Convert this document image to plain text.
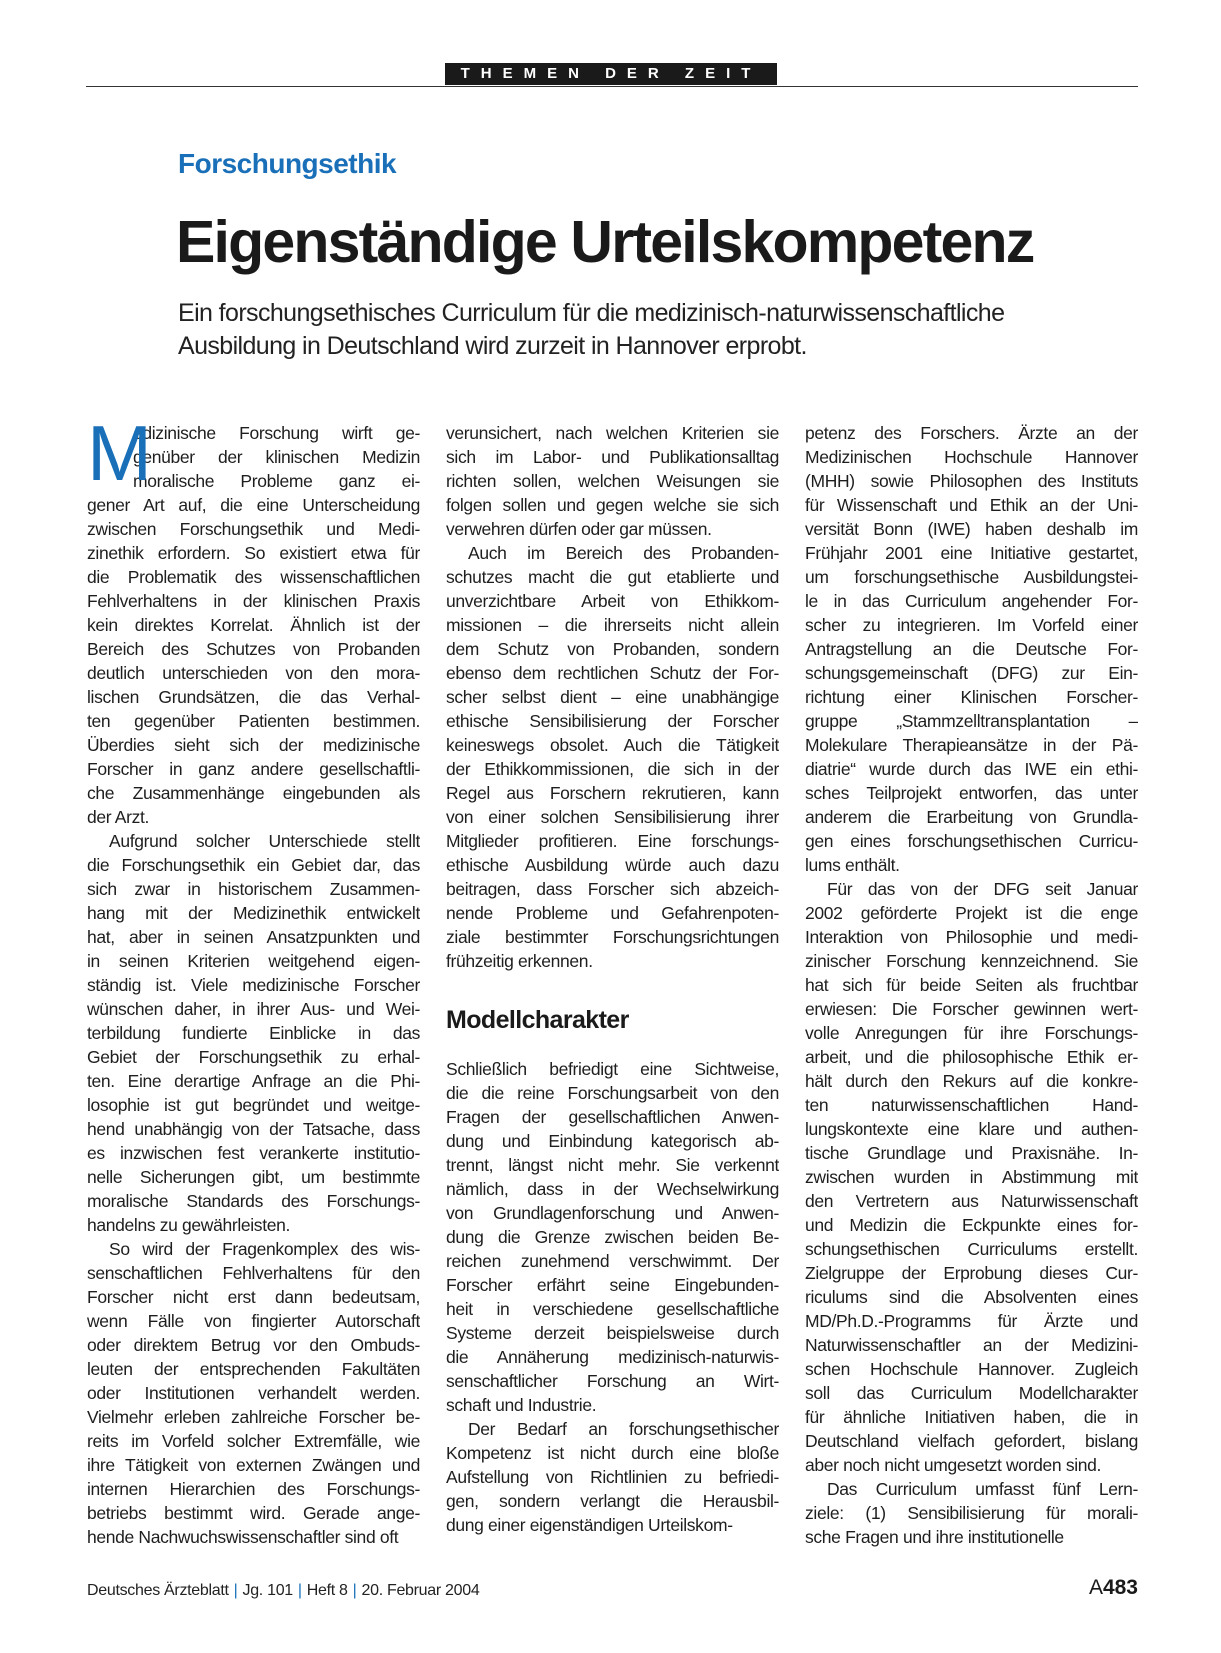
THEMEN DER ZEIT
Forschungsethik
Eigenständige Urteilskompetenz
Ein forschungsethisches Curriculum für die medizinisch-naturwissenschaftliche
Ausbildung in Deutschland wird zurzeit in Hannover erprobt.
M
edizinische Forschung wirft ge-
genüber der klinischen Medizin
moralische Probleme ganz ei-
gener Art auf, die eine Unterscheidung
zwischen Forschungsethik und Medi-
zinethik erfordern. So existiert etwa für
die Problematik des wissenschaftlichen
Fehlverhaltens in der klinischen Praxis
kein direktes Korrelat. Ähnlich ist der
Bereich des Schutzes von Probanden
deutlich unterschieden von den mora-
lischen Grundsätzen, die das Verhal-
ten gegenüber Patienten bestimmen.
Überdies sieht sich der medizinische
Forscher in ganz andere gesellschaftli-
che Zusammenhänge eingebunden als
der Arzt.
Aufgrund solcher Unterschiede stellt
die Forschungsethik ein Gebiet dar, das
sich zwar in historischem Zusammen-
hang mit der Medizinethik entwickelt
hat, aber in seinen Ansatzpunkten und
in seinen Kriterien weitgehend eigen-
ständig ist. Viele medizinische Forscher
wünschen daher, in ihrer Aus- und Wei-
terbildung fundierte Einblicke in das
Gebiet der Forschungsethik zu erhal-
ten. Eine derartige Anfrage an die Phi-
losophie ist gut begründet und weitge-
hend unabhängig von der Tatsache, dass
es inzwischen fest verankerte institutio-
nelle Sicherungen gibt, um bestimmte
moralische Standards des Forschungs-
handelns zu gewährleisten.
So wird der Fragenkomplex des wis-
senschaftlichen Fehlverhaltens für den
Forscher nicht erst dann bedeutsam,
wenn Fälle von fingierter Autorschaft
oder direktem Betrug vor den Ombuds-
leuten der entsprechenden Fakultäten
oder Institutionen verhandelt werden.
Vielmehr erleben zahlreiche Forscher be-
reits im Vorfeld solcher Extremfälle, wie
ihre Tätigkeit von externen Zwängen und
internen Hierarchien des Forschungs-
betriebs bestimmt wird. Gerade ange-
hende Nachwuchswissenschaftler sind oft
verunsichert, nach welchen Kriterien sie
sich im Labor- und Publikationsalltag
richten sollen, welchen Weisungen sie
folgen sollen und gegen welche sie sich
verwehren dürfen oder gar müssen.
Auch im Bereich des Probanden-
schutzes macht die gut etablierte und
unverzichtbare Arbeit von Ethikkom-
missionen – die ihrerseits nicht allein
dem Schutz von Probanden, sondern
ebenso dem rechtlichen Schutz der For-
scher selbst dient – eine unabhängige
ethische Sensibilisierung der Forscher
keineswegs obsolet. Auch die Tätigkeit
der Ethikkommissionen, die sich in der
Regel aus Forschern rekrutieren, kann
von einer solchen Sensibilisierung ihrer
Mitglieder profitieren. Eine forschungs-
ethische Ausbildung würde auch dazu
beitragen, dass Forscher sich abzeich-
nende Probleme und Gefahrenpoten-
ziale bestimmter Forschungsrichtungen
frühzeitig erkennen.
Modellcharakter
Schließlich befriedigt eine Sichtweise,
die die reine Forschungsarbeit von den
Fragen der gesellschaftlichen Anwen-
dung und Einbindung kategorisch ab-
trennt, längst nicht mehr. Sie verkennt
nämlich, dass in der Wechselwirkung
von Grundlagenforschung und Anwen-
dung die Grenze zwischen beiden Be-
reichen zunehmend verschwimmt. Der
Forscher erfährt seine Eingebunden-
heit in verschiedene gesellschaftliche
Systeme derzeit beispielsweise durch
die Annäherung medizinisch-naturwis-
senschaftlicher Forschung an Wirt-
schaft und Industrie.
Der Bedarf an forschungsethischer
Kompetenz ist nicht durch eine bloße
Aufstellung von Richtlinien zu befriedi-
gen, sondern verlangt die Herausbil-
dung einer eigenständigen Urteilskom-
petenz des Forschers. Ärzte an der
Medizinischen Hochschule Hannover
(MHH) sowie Philosophen des Instituts
für Wissenschaft und Ethik an der Uni-
versität Bonn (IWE) haben deshalb im
Frühjahr 2001 eine Initiative gestartet,
um forschungsethische Ausbildungstei-
le in das Curriculum angehender For-
scher zu integrieren. Im Vorfeld einer
Antragstellung an die Deutsche For-
schungsgemeinschaft (DFG) zur Ein-
richtung einer Klinischen Forscher-
gruppe „Stammzelltransplantation –
Molekulare Therapieansätze in der Pä-
diatrie“ wurde durch das IWE ein ethi-
sches Teilprojekt entworfen, das unter
anderem die Erarbeitung von Grundla-
gen eines forschungsethischen Curricu-
lums enthält.
Für das von der DFG seit Januar
2002 geförderte Projekt ist die enge
Interaktion von Philosophie und medi-
zinischer Forschung kennzeichnend. Sie
hat sich für beide Seiten als fruchtbar
erwiesen: Die Forscher gewinnen wert-
volle Anregungen für ihre Forschungs-
arbeit, und die philosophische Ethik er-
hält durch den Rekurs auf die konkre-
ten naturwissenschaftlichen Hand-
lungskontexte eine klare und authen-
tische Grundlage und Praxisnähe. In-
zwischen wurden in Abstimmung mit
den Vertretern aus Naturwissenschaft
und Medizin die Eckpunkte eines for-
schungsethischen Curriculums erstellt.
Zielgruppe der Erprobung dieses Cur-
riculums sind die Absolventen eines
MD/Ph.D.-Programms für Ärzte und
Naturwissenschaftler an der Medizini-
schen Hochschule Hannover. Zugleich
soll das Curriculum Modellcharakter
für ähnliche Initiativen haben, die in
Deutschland vielfach gefordert, bislang
aber noch nicht umgesetzt worden sind.
Das Curriculum umfasst fünf Lern-
ziele: (1) Sensibilisierung für morali-
sche Fragen und ihre institutionelle
Deutsches Ärzteblatt | Jg. 101 | Heft 8 | 20. Februar 2004	A483
